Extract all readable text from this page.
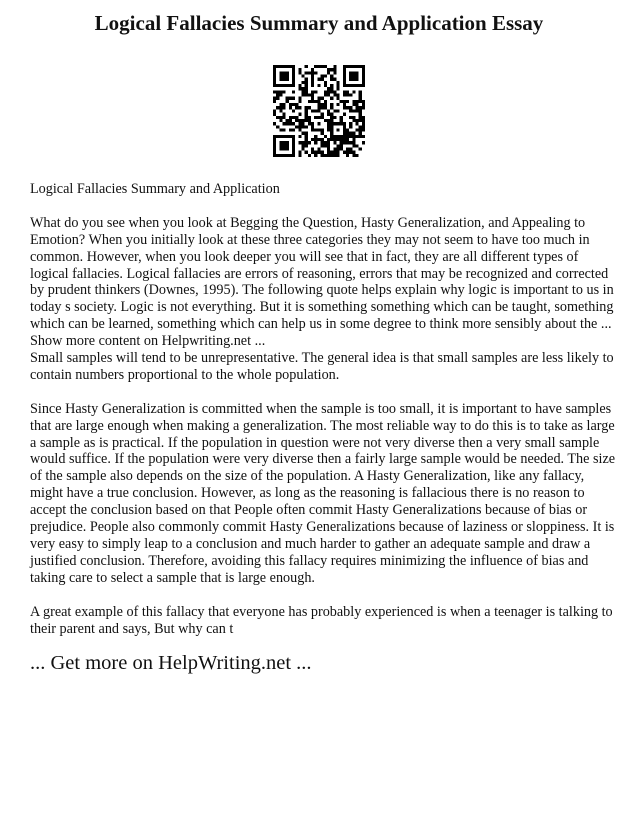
Logical Fallacies Summary and Application Essay

Logical Fallacies Summary and Application

What do you see when you look at Begging the Question, Hasty Generalization, and Appealing to Emotion? When you initially look at these three categories they may not seem to have too much in common. However, when you look deeper you will see that in fact, they are all different types of logical fallacies. Logical fallacies are errors of reasoning, errors that may be recognized and corrected by prudent thinkers (Downes, 1995). The following quote helps explain why logic is important to us in today s society. Logic is not everything. But it is something something which can be taught, something which can be learned, something which can help us in some degree to think more sensibly about the ... Show more content on Helpwriting.net ...

Small samples will tend to be unrepresentative. The general idea is that small samples are less likely to contain numbers proportional to the whole population.

Since Hasty Generalization is committed when the sample is too small, it is important to have samples that are large enough when making a generalization. The most reliable way to do this is to take as large a sample as is practical. If the population in question were not very diverse then a very small sample would suffice. If the population were very diverse then a fairly large sample would be needed. The size of the sample also depends on the size of the population. A Hasty Generalization, like any fallacy, might have a true conclusion. However, as long as the reasoning is fallacious there is no reason to accept the conclusion based on that People often commit Hasty Generalizations because of bias or prejudice. People also commonly commit Hasty Generalizations because of laziness or sloppiness. It is very easy to simply leap to a conclusion and much harder to gather an adequate sample and draw a justified conclusion. Therefore, avoiding this fallacy requires minimizing the influence of bias and taking care to select a sample that is large enough.

A great example of this fallacy that everyone has probably experienced is when a teenager is talking to their parent and says, But why can t

... Get more on HelpWriting.net ...
